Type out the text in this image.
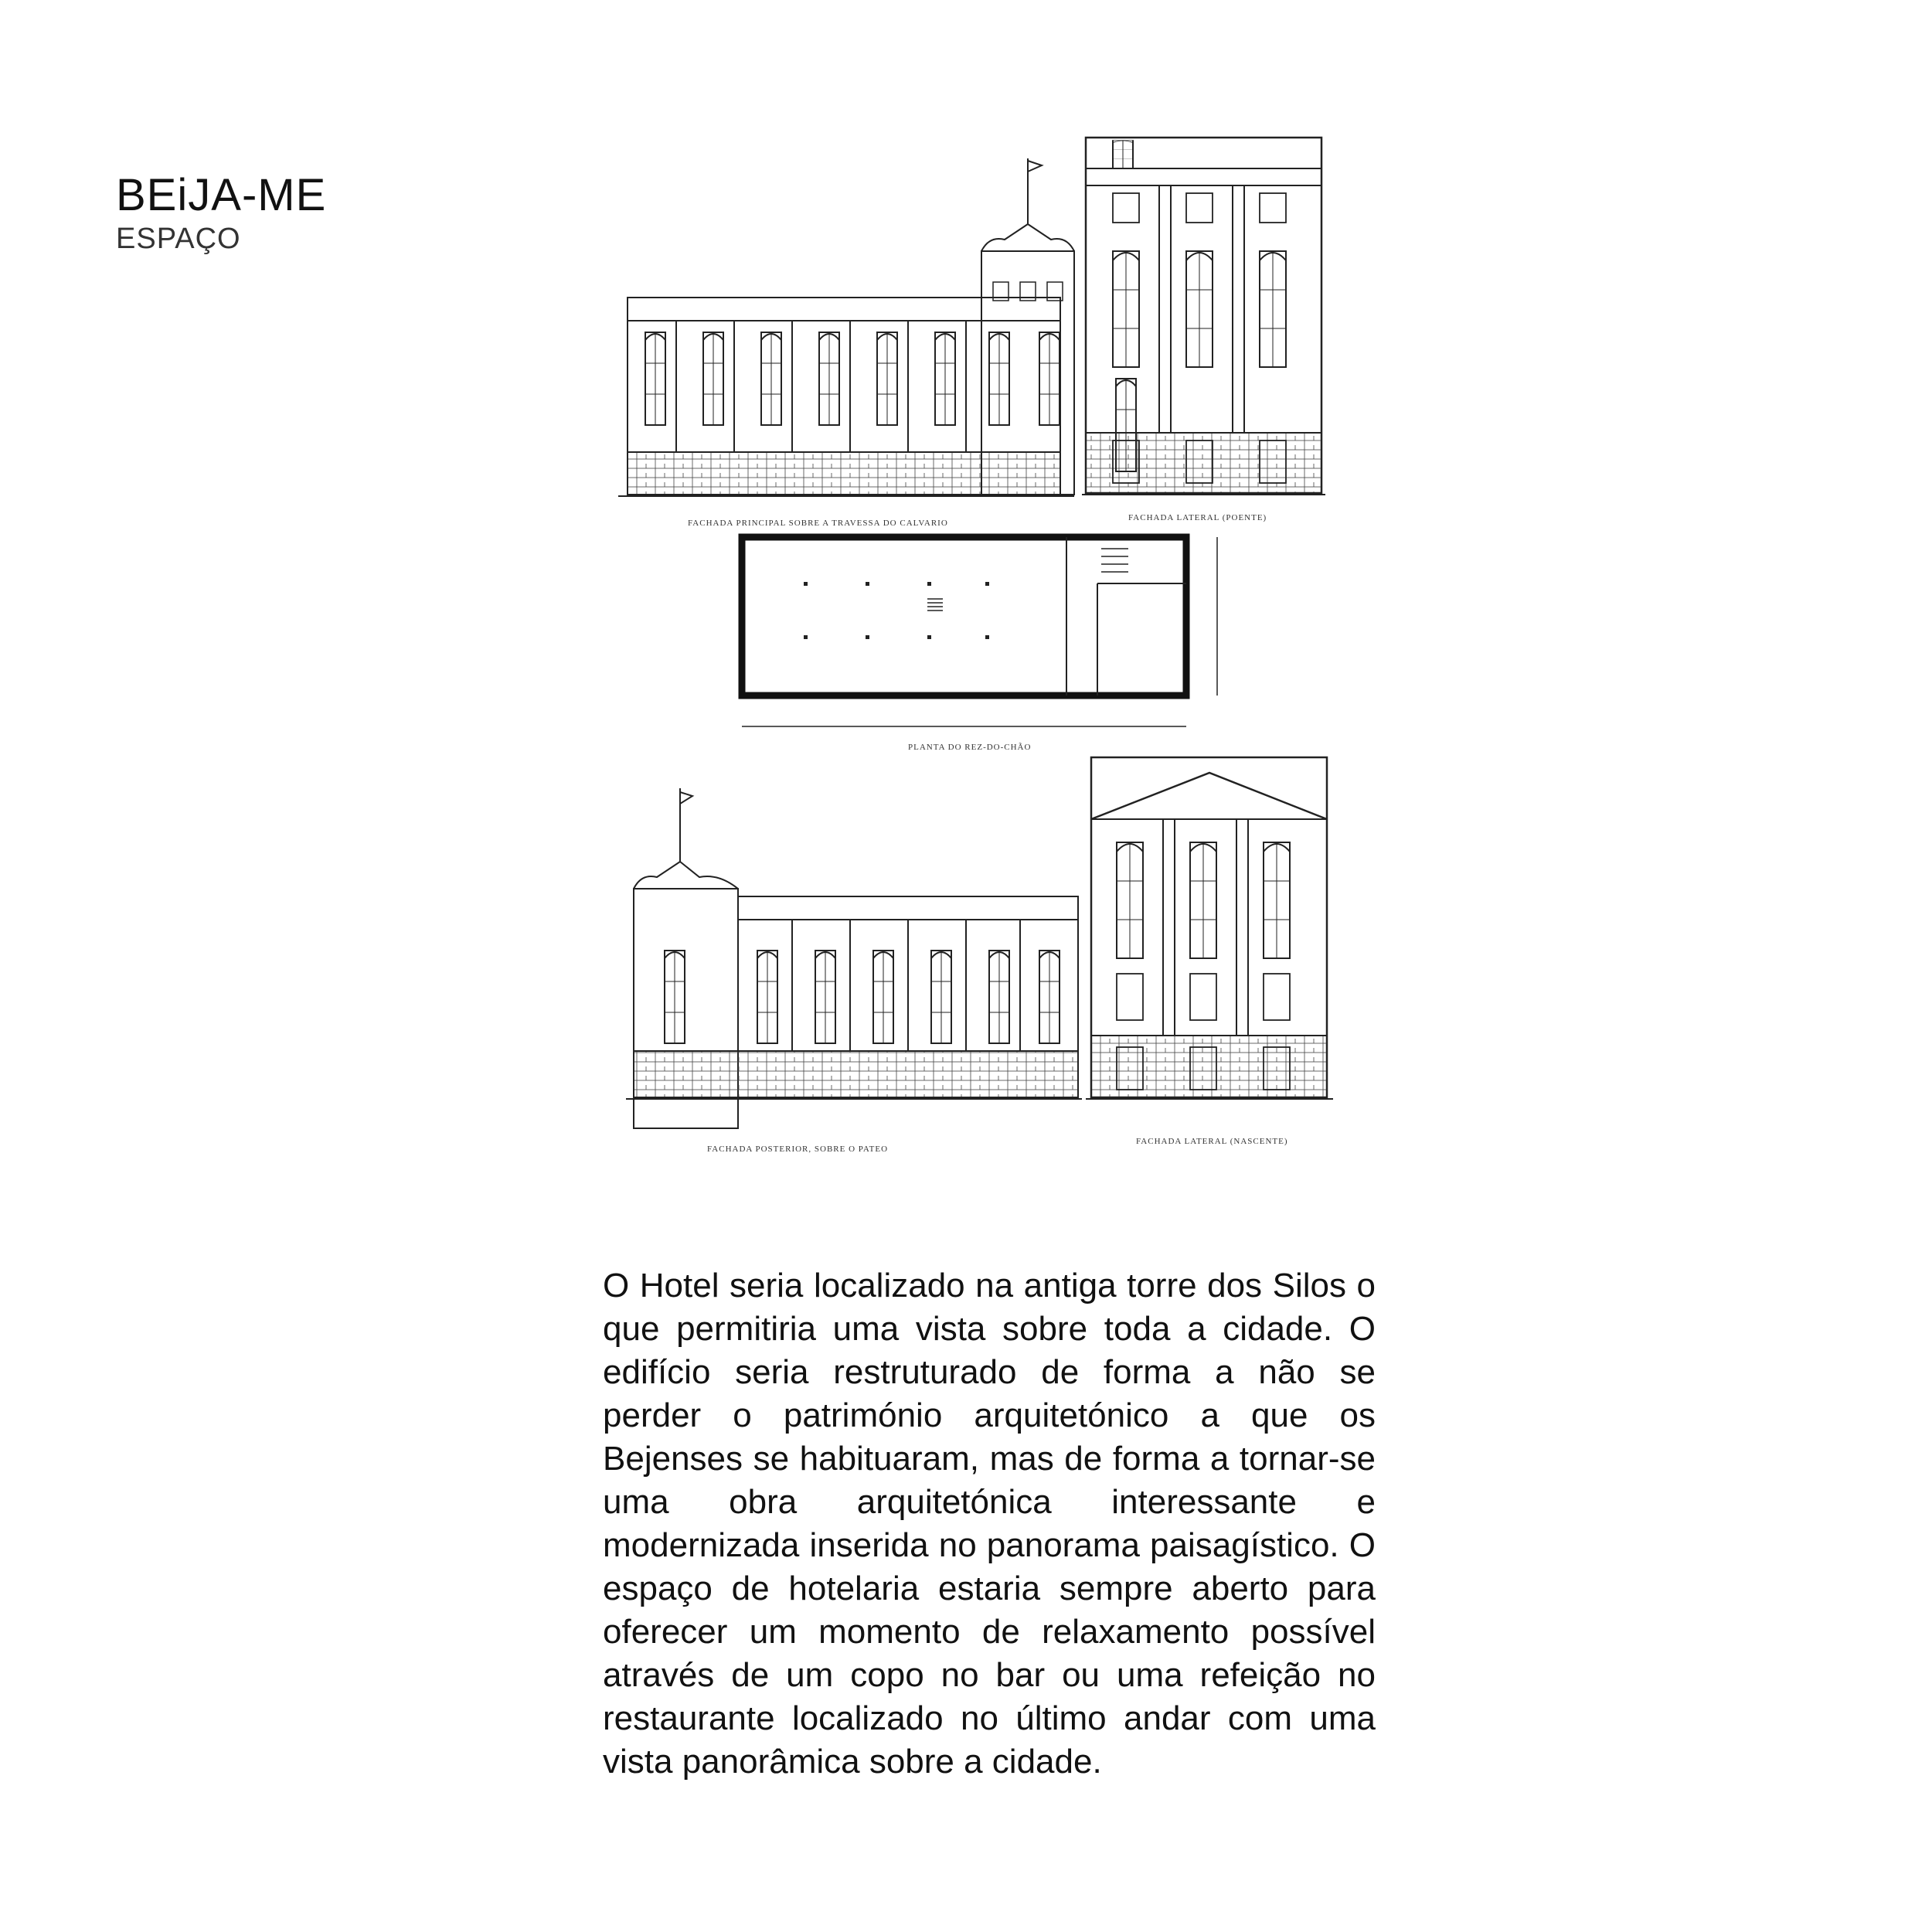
BEiJA-ME
ESPAÇO
FACHADA PRINCIPAL SOBRE A TRAVESSA DO CALVARIO
FACHADA LATERAL (POENTE)
PLANTA DO REZ-DO-CHÃO
FACHADA POSTERIOR, SOBRE O PATEO
FACHADA LATERAL (NASCENTE)

O Hotel seria localizado na antiga torre dos Silos o que permitiria uma vista sobre toda a cidade. O edifício seria restruturado de forma a não se perder o património arquitetónico a que os Bejenses se habituaram, mas de forma a tornar-se uma obra arquitetónica interessante e modernizada inserida no panorama paisagístico. O espaço de hotelaria estaria sempre aberto para oferecer um momento de relaxamento possível através de um copo no bar ou uma refeição no restaurante localizado no último andar com uma vista panorâmica sobre a cidade.
